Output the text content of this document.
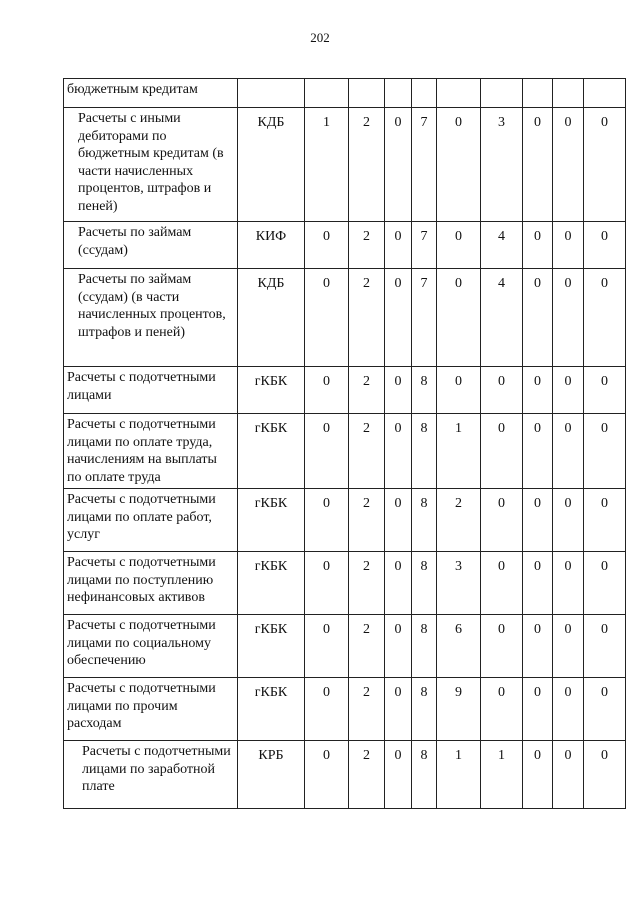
202
бюджетным кредитам										
Расчеты с иными дебиторами по бюджетным кредитам (в части начисленных процентов, штрафов и пеней)	КДБ	1	2	0	7	0	3	0	0	0
Расчеты по займам (ссудам)	КИФ	0	2	0	7	0	4	0	0	0
Расчеты по займам (ссудам) (в части начисленных процентов, штрафов и пеней)	КДБ	0	2	0	7	0	4	0	0	0
Расчеты с подотчетными лицами	гКБК	0	2	0	8	0	0	0	0	0
Расчеты с подотчетными лицами по оплате труда, начислениям на выплаты по оплате труда	гКБК	0	2	0	8	1	0	0	0	0
Расчеты с подотчетными лицами по оплате работ, услуг	гКБК	0	2	0	8	2	0	0	0	0
Расчеты с подотчетными лицами по поступлению нефинансовых активов	гКБК	0	2	0	8	3	0	0	0	0
Расчеты с подотчетными лицами по социальному обеспечению	гКБК	0	2	0	8	6	0	0	0	0
Расчеты с подотчетными лицами по прочим расходам	гКБК	0	2	0	8	9	0	0	0	0
Расчеты с подотчетными лицами по заработной плате	КРБ	0	2	0	8	1	1	0	0	0
